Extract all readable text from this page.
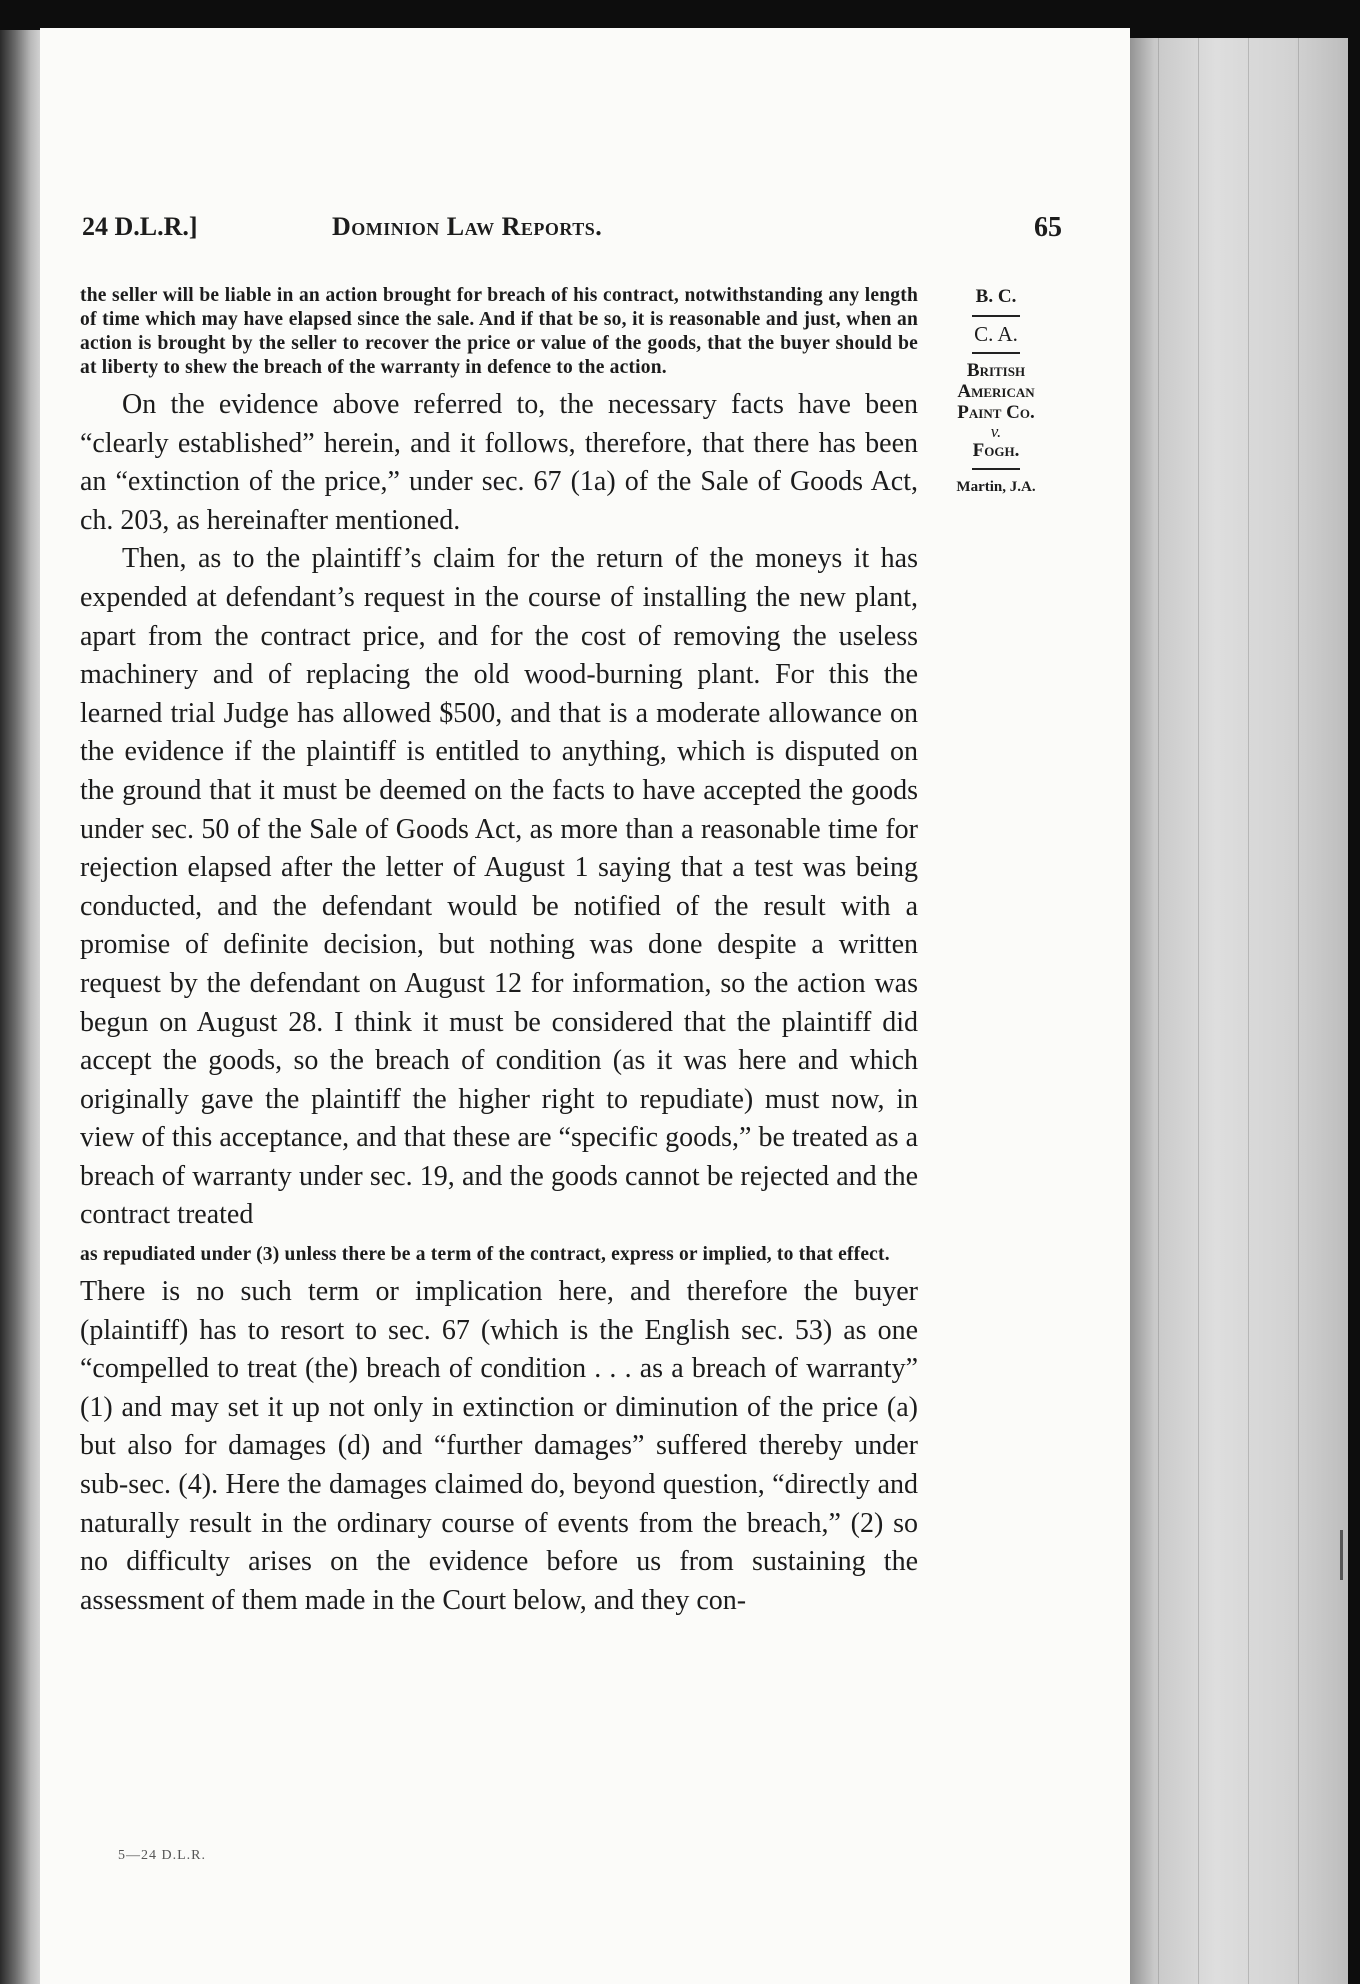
24 D.L.R.]	Dominion Law Reports.	65
B. C.
C. A.
British
American
Paint Co.
v.
Fogh.
Martin, J.A.

the seller will be liable in an action brought for breach of his contract, notwithstanding any length of time which may have elapsed since the sale. And if that be so, it is reasonable and just, when an action is brought by the seller to recover the price or value of the goods, that the buyer should be at liberty to shew the breach of the warranty in defence to the action.

On the evidence above referred to, the necessary facts have been “clearly established” herein, and it follows, therefore, that there has been an “extinction of the price,” under sec. 67 (1a) of the Sale of Goods Act, ch. 203, as hereinafter mentioned.

Then, as to the plaintiff’s claim for the return of the moneys it has expended at defendant’s request in the course of installing the new plant, apart from the contract price, and for the cost of removing the useless machinery and of replacing the old wood-burning plant. For this the learned trial Judge has allowed $500, and that is a moderate allowance on the evidence if the plaintiff is entitled to anything, which is disputed on the ground that it must be deemed on the facts to have accepted the goods under sec. 50 of the Sale of Goods Act, as more than a reasonable time for rejection elapsed after the letter of August 1 saying that a test was being conducted, and the defendant would be notified of the result with a promise of definite decision, but nothing was done despite a written request by the defendant on August 12 for information, so the action was begun on August 28. I think it must be considered that the plaintiff did accept the goods, so the breach of condition (as it was here and which originally gave the plaintiff the higher right to repudiate) must now, in view of this acceptance, and that these are “specific goods,” be treated as a breach of warranty under sec. 19, and the goods cannot be rejected and the contract treated

as repudiated under (3) unless there be a term of the contract, express or implied, to that effect.

There is no such term or implication here, and therefore the buyer (plaintiff) has to resort to sec. 67 (which is the English sec. 53) as one “compelled to treat (the) breach of condition . . . as a breach of warranty” (1) and may set it up not only in extinction or diminution of the price (a) but also for damages (d) and “further damages” suffered thereby under sub-sec. (4). Here the damages claimed do, beyond question, “directly and naturally result in the ordinary course of events from the breach,” (2) so no difficulty arises on the evidence before us from sustaining the assessment of them made in the Court below, and they con-

5—24 D.L.R.
